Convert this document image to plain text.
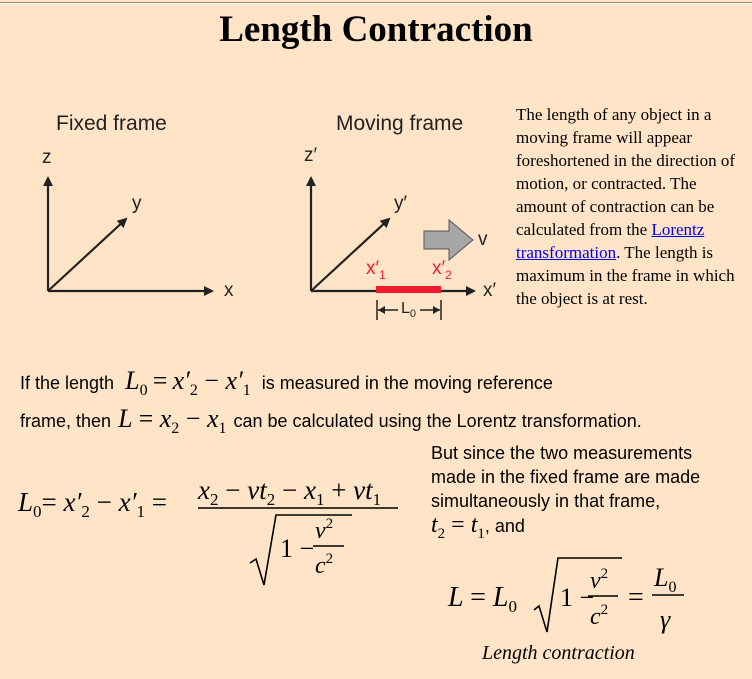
Length Contraction
Fixed frame	Moving frame
z
y
x
z′
y′
x′
v
$x'_1$ $x'_2$
$L_0$
The length of any object in a moving frame will appear foreshortened in the direction of motion, or contracted. The amount of contraction can be calculated from the Lorentz transformation. The length is maximum in the frame in which the object is at rest.
If the length $L_0 = x'_2 - x'_1$ is measured in the moving reference
frame, then $L = x_2 - x_1$ can be calculated using the Lorentz transformation.
$L_0= x'_2 - x'_1 = x_2 - vt_2 - x_1 + vt_1$
1 −
$v^2$
$c^2$
But since the two measurements
made in the fixed frame are made
simultaneously in that frame,
$t_2 = t_1$, and
$L = L_0$ 1 −
$v^2$
$c^2$ =
$L_0$
γ
Length contraction
